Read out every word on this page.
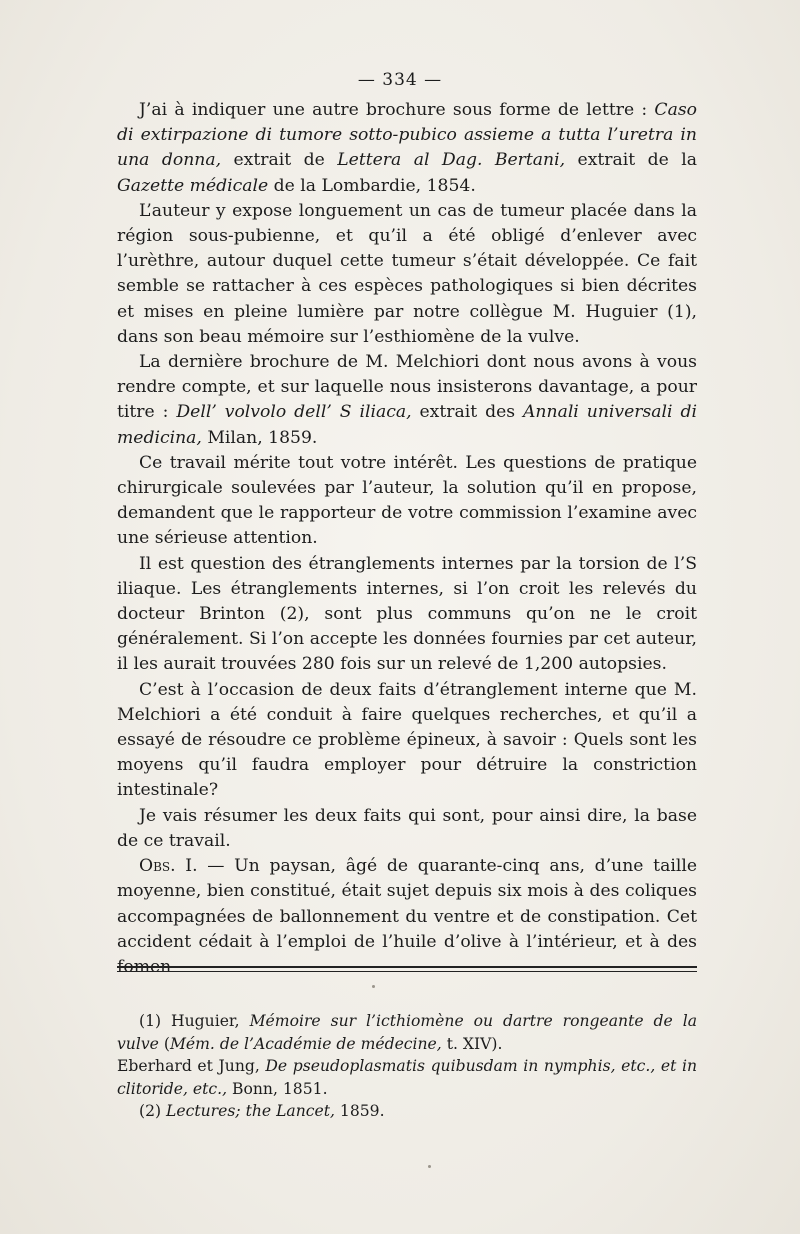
— 334 —

J’ai à indiquer une autre brochure sous forme de lettre : Caso di extirpazione di tumore sotto-pubico assieme a tutta l’uretra in una donna, extrait de Lettera al Dag. Bertani, extrait de la Gazette médicale de la Lombardie, 1854.

L’auteur y expose longuement un cas de tumeur placée dans la région sous-pubienne, et qu’il a été obligé d’enlever avec l’urèthre, autour duquel cette tumeur s’était développée. Ce fait semble se rattacher à ces espèces pathologiques si bien décrites et mises en pleine lumière par notre collègue M. Huguier (1), dans son beau mémoire sur l’esthiomène de la vulve.

La dernière brochure de M. Melchiori dont nous avons à vous rendre compte, et sur laquelle nous insisterons davantage, a pour titre : Dell’ volvolo dell’ S iliaca, extrait des Annali universali di medicina, Milan, 1859.

Ce travail mérite tout votre intérêt. Les questions de pratique chirurgicale soulevées par l’auteur, la solution qu’il en propose, demandent que le rapporteur de votre commission l’examine avec une sérieuse attention.

Il est question des étranglements internes par la torsion de l’S iliaque. Les étranglements internes, si l’on croit les relevés du docteur Brinton (2), sont plus communs qu’on ne le croit généralement. Si l’on accepte les données fournies par cet auteur, il les aurait trouvées 280 fois sur un relevé de 1,200 autopsies.

C’est à l’occasion de deux faits d’étranglement interne que M. Melchiori a été conduit à faire quelques recherches, et qu’il a essayé de résoudre ce problème épineux, à savoir : Quels sont les moyens qu’il faudra employer pour détruire la constriction intestinale?

Je vais résumer les deux faits qui sont, pour ainsi dire, la base de ce travail.

Obs. I. — Un paysan, âgé de quarante-cinq ans, d’une taille moyenne, bien constitué, était sujet depuis six mois à des coliques accompagnées de ballonnement du ventre et de constipation. Cet accident cédait à l’emploi de l’huile d’olive à l’intérieur, et à des fomen-

(1) Huguier, Mémoire sur l’icthiomène ou dartre rongeante de la vulve (Mém. de l’Académie de médecine, t. XIV).

Eberhard et Jung, De pseudoplasmatis quibusdam in nymphis, etc., et in clitoride, etc., Bonn, 1851.

(2) Lectures; the Lancet, 1859.
